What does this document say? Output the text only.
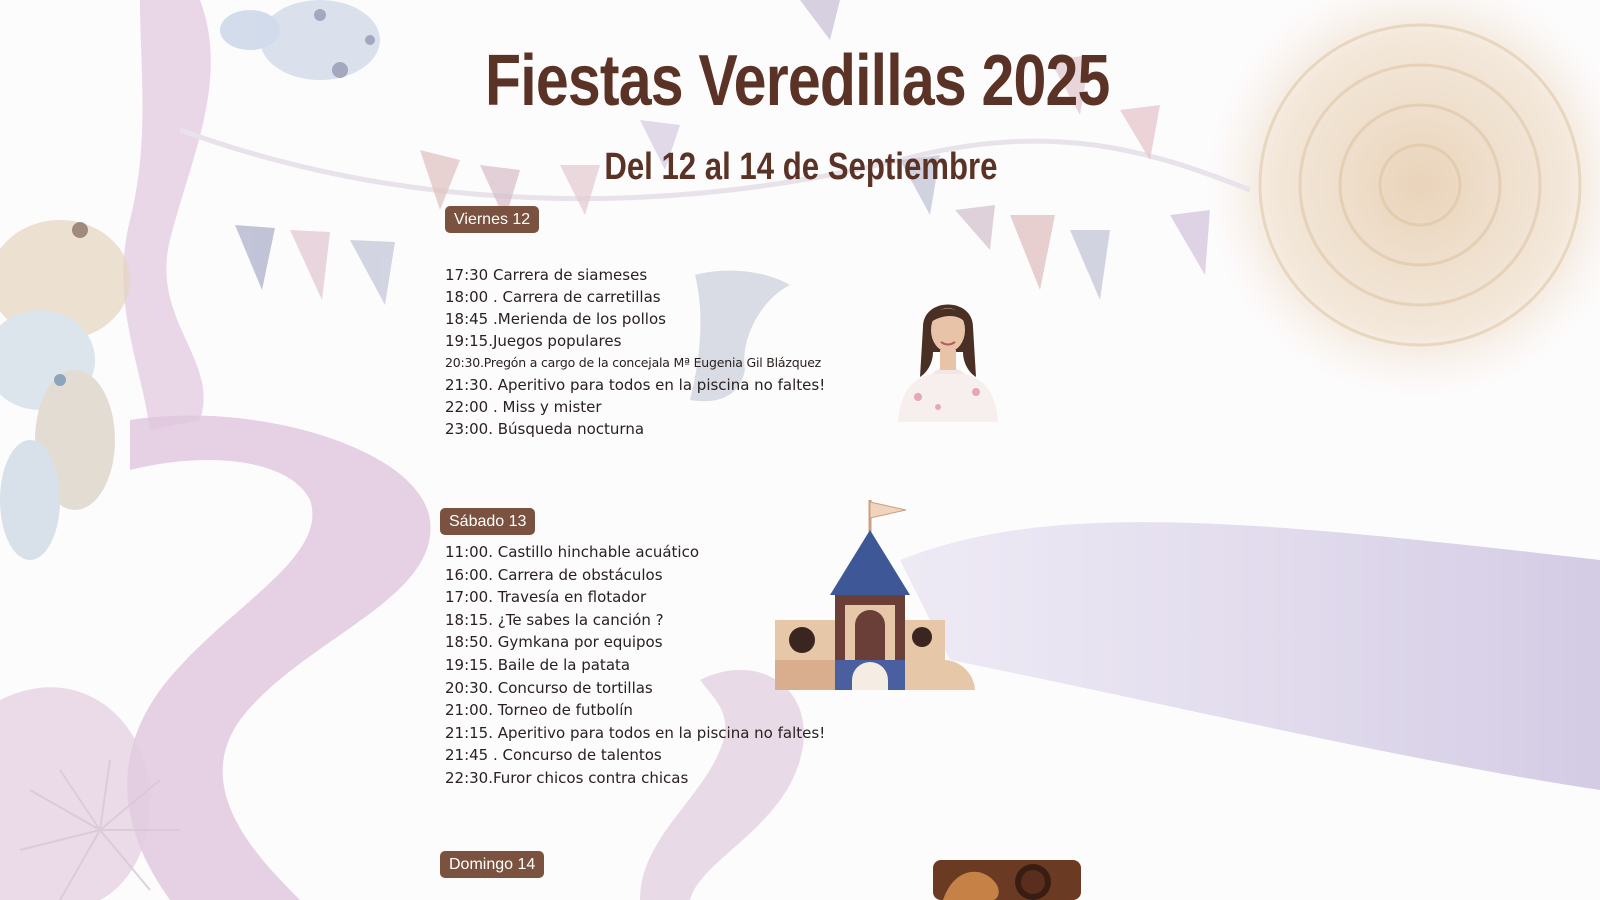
Fiestas Veredillas 2025
Del 12 al 14 de Septiembre
Viernes 12
17:30 Carrera de siameses
18:00 . Carrera de carretillas
18:45 .Merienda de los pollos
19:15.Juegos populares
20:30.Pregón a cargo de la concejala Mª Eugenia Gil Blázquez
21:30. Aperitivo para todos en la piscina no faltes!
22:00 . Miss y mister
23:00. Búsqueda nocturna
Sábado 13
11:00. Castillo hinchable acuático
16:00. Carrera de obstáculos
17:00. Travesía en flotador
18:15. ¿Te sabes la canción ?
18:50. Gymkana por equipos
19:15. Baile de la patata
20:30. Concurso de tortillas
21:00. Torneo de futbolín
21:15. Aperitivo para todos en la piscina no faltes!
21:45 . Concurso de talentos
22:30.Furor chicos contra chicas
Domingo 14
